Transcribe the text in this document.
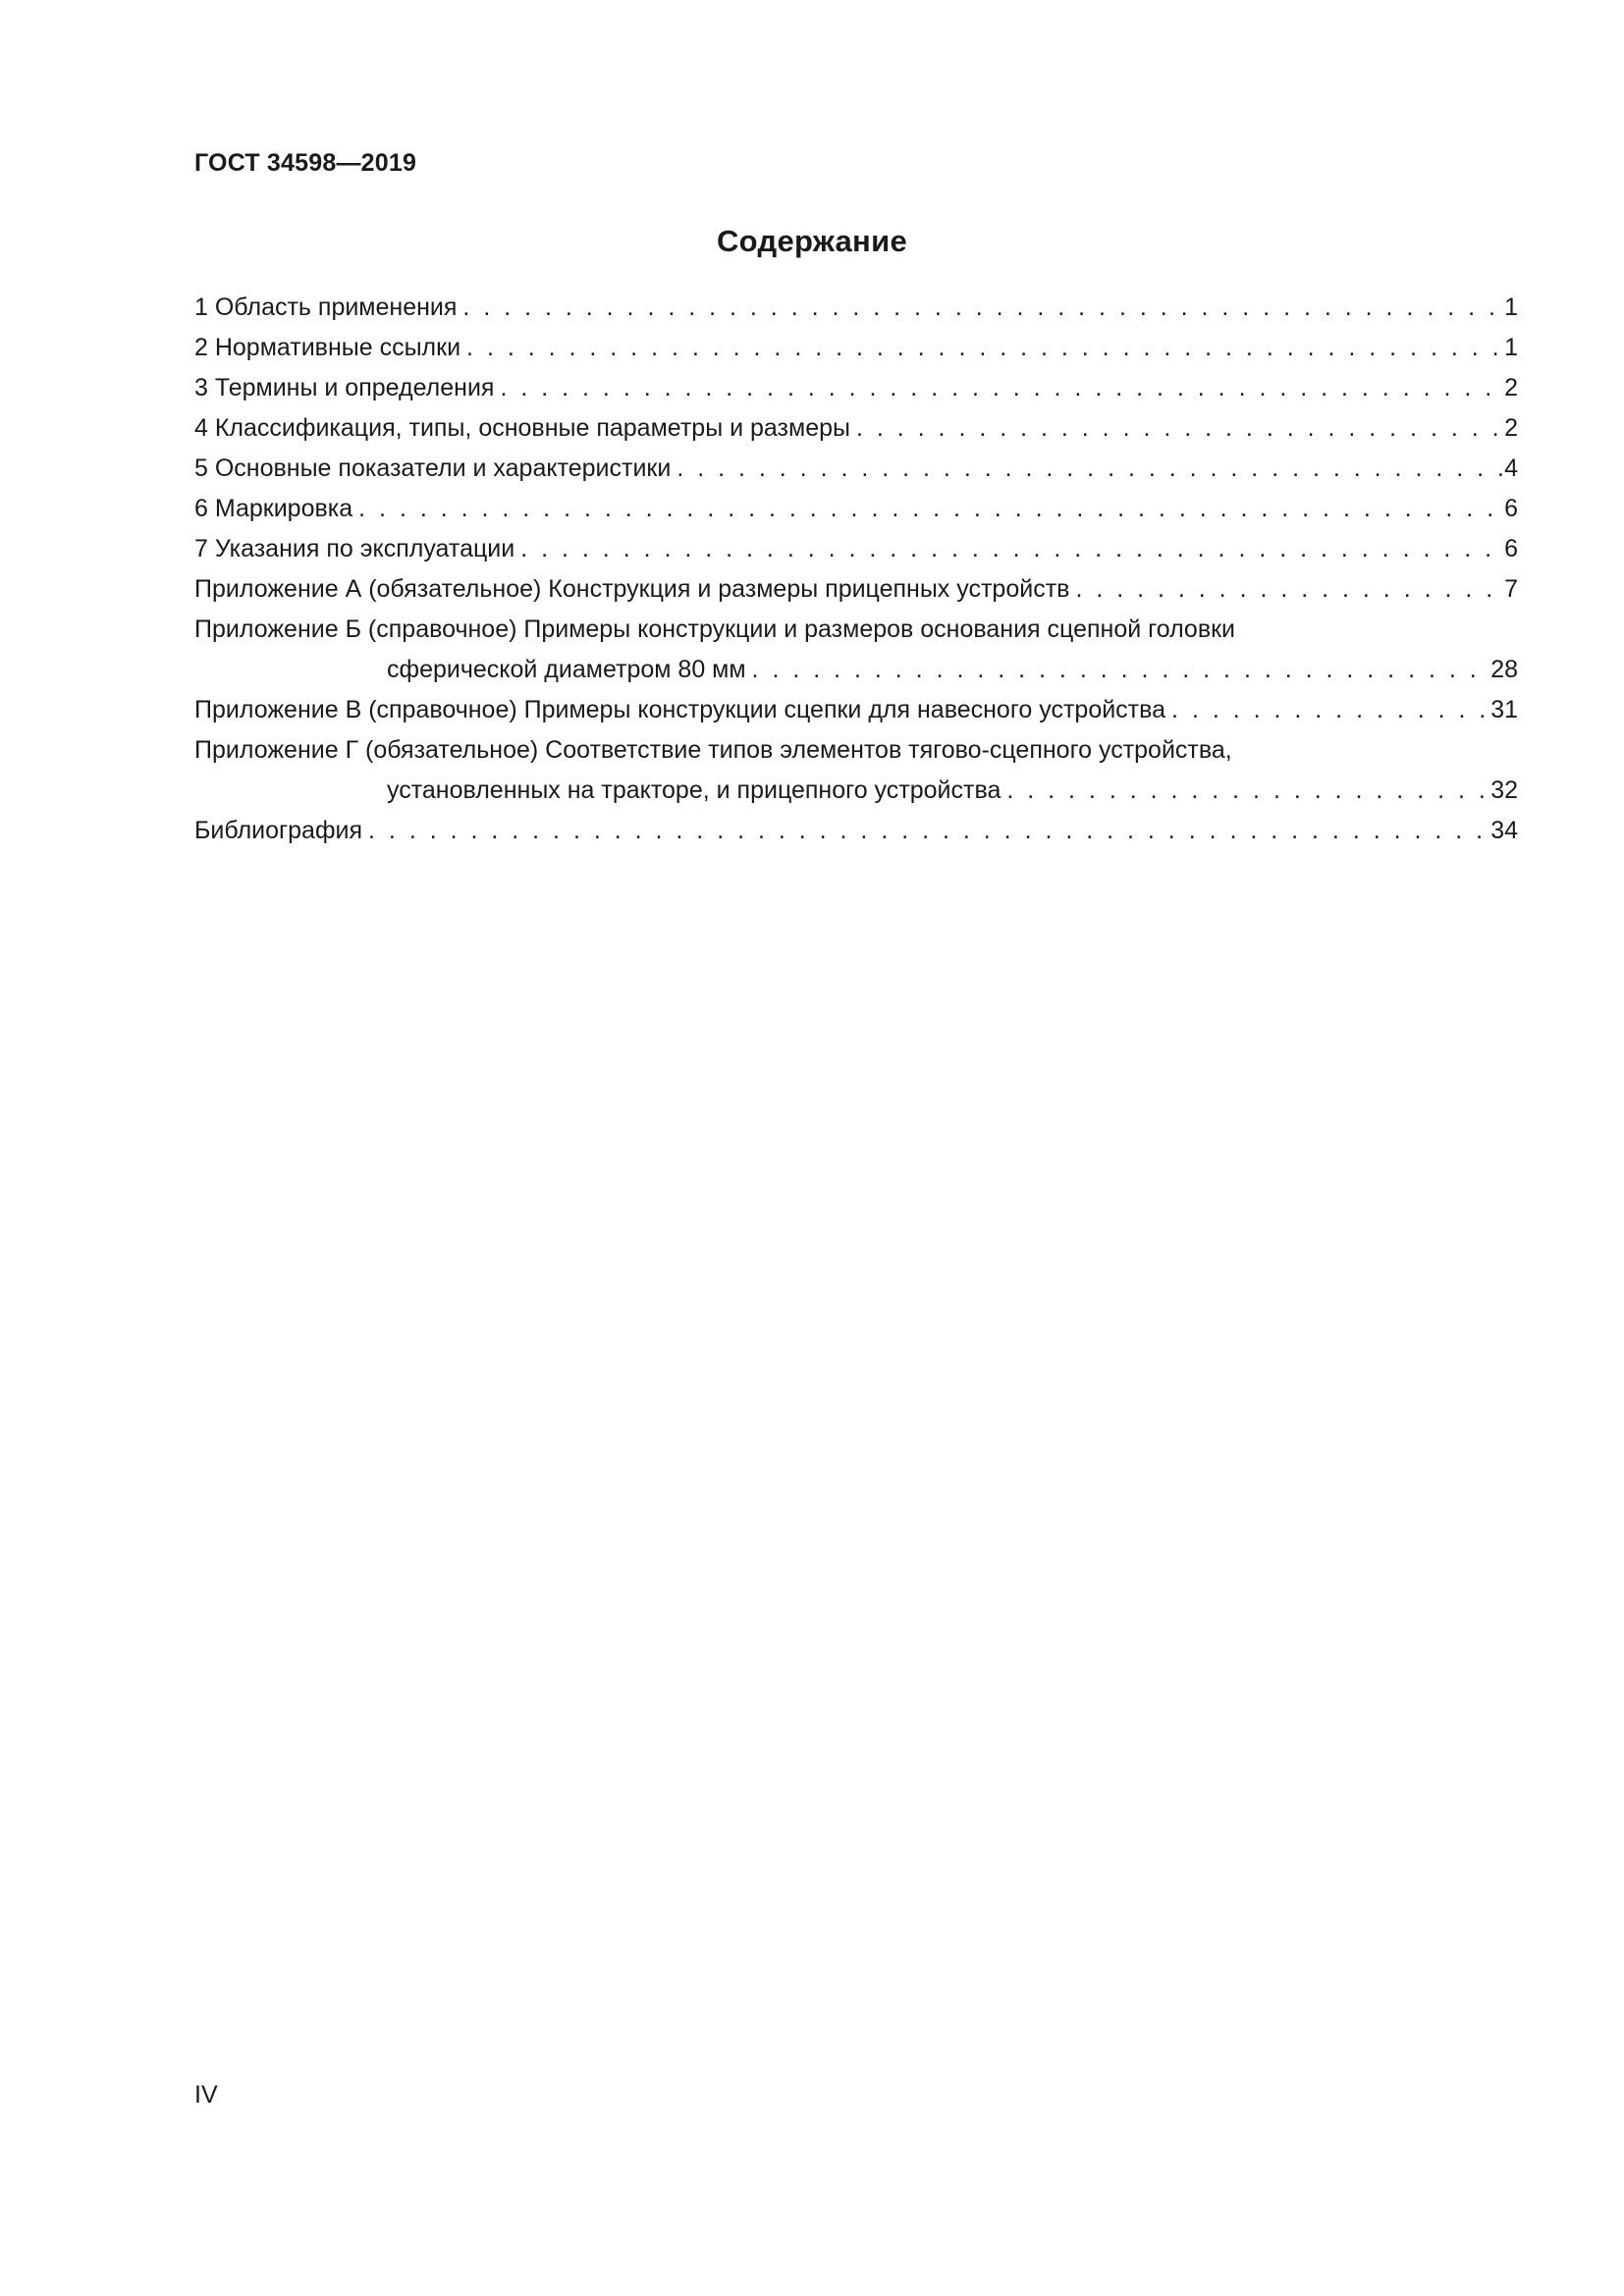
ГОСТ 34598—2019
Содержание
1 Область применения . . .	1
2 Нормативные ссылки . . .	1
3 Термины и определения . . .	2
4 Классификация, типы, основные параметры и размеры . . .	2
5 Основные показатели и характеристики . . .	4
6 Маркировка . . .	6
7 Указания по эксплуатации . . .	6
Приложение А (обязательное) Конструкция и размеры прицепных устройств . . .	7
Приложение Б (справочное) Примеры конструкции и размеров основания сцепной головки
сферической диаметром 80 мм . . .	28
Приложение В (справочное) Примеры конструкции сцепки для навесного устройства . . .	31
Приложение Г (обязательное) Соответствие типов элементов тягово-сцепного устройства,
установленных на тракторе, и прицепного устройства . . .	32
Библиография . . .	34
IV
